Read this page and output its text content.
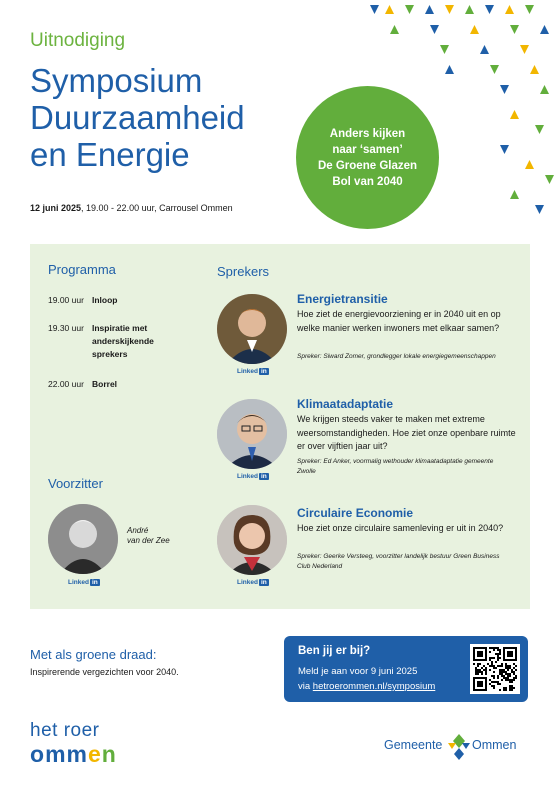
Uitnodiging
Symposium
Duurzaamheid
en Energie
12 juni 2025, 19.00 - 22.00 uur, Carrousel Ommen
Anders kijken
naar ‘samen’
De Groene Glazen
Bol van 2040
Programma
19.00 uur Inloop
19.30 uur Inspiratie met anderskijkende sprekers
22.00 uur Borrel
Voorzitter
Linked in
André
van der Zee
Sprekers
Linked in
Energietransitie
Hoe ziet de energievoorziening er in 2040 uit en op welke manier werken inwoners met elkaar samen?
Spreker: Siward Zomer, grondlegger lokale energiegemeenschappen
Linked in
Klimaatadaptatie
We krijgen steeds vaker te maken met extreme weersomstandigheden. Hoe ziet onze openbare ruimte er over vijftien jaar uit?
Spreker: Ed Anker, voormalig wethouder klimaatadaptatie gemeente Zwolle
Linked in
Circulaire Economie
Hoe ziet onze circulaire samenleving er uit in 2040?
Spreker: Geerke Versteeg, voorzitter landelijk bestuur Green Business Club Nederland
Met als groene draad:
Inspirerende vergezichten voor 2040.
Ben jij er bij?
Meld je aan voor 9 juni 2025
via hetroerommen.nl/symposium
het roer
ommen	Gemeente Ommen
